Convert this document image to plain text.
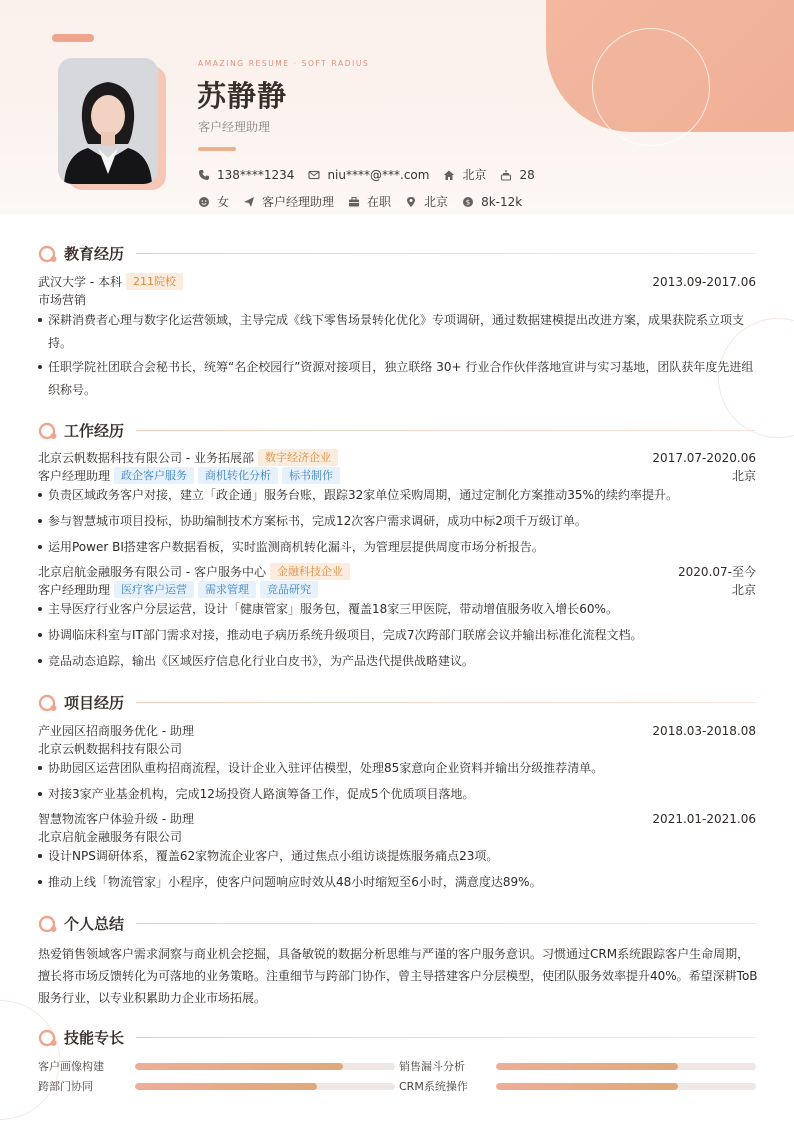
AMAZING RESUME · SOFT RADIUS
苏静静
客户经理助理
138****1234	niu****@***.com	北京	28
女	客户经理助理	在职	北京	$ 8k-12k
教育经历
武汉大学 - 本科 211院校	2013.09-2017.06
市场营销
深耕消费者心理与数字化运营领域，主导完成《线下零售场景转化优化》专项调研，通过数据建模提出改进方案，成果获院系立项支
持。
任职学院社团联合会秘书长，统筹“名企校园行”资源对接项目，独立联络 30+ 行业合作伙伴落地宣讲与实习基地，团队获年度先进组
织称号。
工作经历
北京云帆数据科技有限公司 - 业务拓展部 数字经济企业	2017.07-2020.06
客户经理助理 政企客户服务 商机转化分析 标书制作	北京
负责区域政务客户对接，建立「政企通」服务台账，跟踪32家单位采购周期，通过定制化方案推动35%的续约率提升。
参与智慧城市项目投标，协助编制技术方案标书，完成12次客户需求调研，成功中标2项千万级订单。
运用Power BI搭建客户数据看板，实时监测商机转化漏斗，为管理层提供周度市场分析报告。
北京启航金融服务有限公司 - 客户服务中心 金融科技企业	2020.07-至今
客户经理助理 医疗客户运营 需求管理 竞品研究	北京
主导医疗行业客户分层运营，设计「健康管家」服务包，覆盖18家三甲医院，带动增值服务收入增长60%。
协调临床科室与IT部门需求对接，推动电子病历系统升级项目，完成7次跨部门联席会议并输出标准化流程文档。
竞品动态追踪，输出《区域医疗信息化行业白皮书》，为产品迭代提供战略建议。
项目经历
产业园区招商服务优化 - 助理	2018.03-2018.08
北京云帆数据科技有限公司
协助园区运营团队重构招商流程，设计企业入驻评估模型，处理85家意向企业资料并输出分级推荐清单。
对接3家产业基金机构，完成12场投资人路演筹备工作，促成5个优质项目落地。
智慧物流客户体验升级 - 助理	2021.01-2021.06
北京启航金融服务有限公司
设计NPS调研体系，覆盖62家物流企业客户，通过焦点小组访谈提炼服务痛点23项。
推动上线「物流管家」小程序，使客户问题响应时效从48小时缩短至6小时，满意度达89%。
个人总结
热爱销售领域客户需求洞察与商业机会挖掘，具备敏锐的数据分析思维与严谨的客户服务意识。习惯通过CRM系统跟踪客户生命周期，
擅长将市场反馈转化为可落地的业务策略。注重细节与跨部门协作，曾主导搭建客户分层模型，使团队服务效率提升40%。希望深耕ToB
服务行业，以专业积累助力企业市场拓展。
技能专长
客户画像构建	销售漏斗分析
跨部门协同	CRM系统操作
